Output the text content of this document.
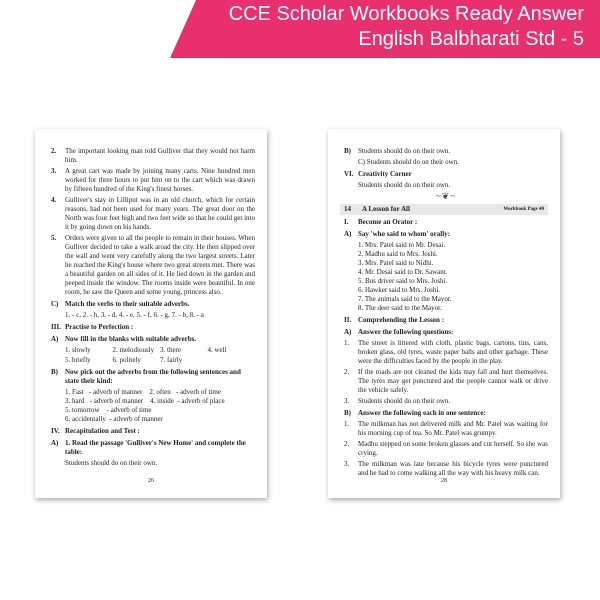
CCE Scholar Workbooks Ready Answer
English Balbharati Std - 5
2.	The important looking man told Gulliver that they would not harm him.
3.	A great cart was made by joining many carts. Nine hundred men worked for three hours to put him on to the cart which was drawn by fifteen hundred of the King's finest horses.
4.	Gulliver's stay in Lilliput was in an old church, which for certain reasons, had not been used for many years. The great door on the North was four feet high and two feet wide so that he could get into it by going down on his hands.
5.	Orders were given to all the people to remain in their houses. When Gulliver decided to take a walk aroad the city. He then slipped over the wall and went very carefully along the two largest streets. Later he reached the King's house where two great streets met. There was a beautiful garden on all sides of it. He lied down in the garden and peeped inside the window. The rooms inside were beautiful. In one room, he saw the Queen and some young, princess also.
C) Match the verbs to their suitable adverbs.
1. - c, 2. - h, 3. - d, 4. - e, 5. - f, 6. - g, 7. - b, 8. - a
III. Practise to Perfection :
A) Now fill in the blanks with suitable adverbs.
1. slowly	2. melodiously 3. there	4. well
5. briefly	6. politely	7. fairly
B)	Now pick out the adverbs from the following sentences and state their kind:
1. Fast   - adverb of manner    2. often   - adverb of time
3. hard   - adverb of manner    4. inside  - adverb of place
5. tomorrow    - adverb of time
6. accidentally  - adverb of manner
IV. Recapitulation and Test :
A) 1. Read the passage 'Gulliver's New Home' and complete the table:
Students should do on their own.
26
B)	Students should do on their own.
C) Students should do on their own.
VI. Creativity Corner
Students should do on their own.
~❦~
14	A Lesson for All	Workbook Page 40
I.	Become an Orator :
A) Say 'who said to whom' orally:
1. Mrs. Patel said to Mr. Desai.
2. Madhu said to Mrs. Joshi.
3. Mrs. Patel said to Nidhi.
4. Mr. Desai said to Dr. Sawant.
5. Bus driver said to Mrs. Joshi.
6. Hawker said to Mrs. Joshi.
7. The animals said to the Mayor.
8. The deer said to the Mayor.
II. Comprehending the Lesson :
A) Answer the following questions:
1.	The street is littered with cloth, plastic bags, cartons, tins, cans, broken glass, old tyres, waste paper balls and other garbage. These were the difficulties faced by the people in the play.
2.	If the roads are not cleaned the kids may fall and hurt themselves. The tyres may get punctured and the people cannot walk or drive the vehicle safely.
3.	Students should do on their own.
B)	Answer the following each in one sentence:
1.	The milkman has not delivered milk and Mr. Patel was waiting for his morning cup of tea. So Mr. Patel was grumpy.
2.	Madhu stepped on some broken glasses and cut herself. So she was crying.
3.	The milkman was late because his bicycle tyres were punctured and he had to come walking all the way with his heavy milk can.
28
